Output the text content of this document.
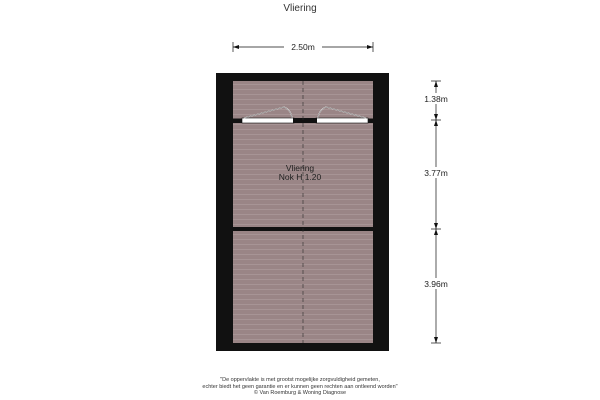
Vliering
Vliering
Nok H 1.20
2.50m
1.38m
3.77m
3.96m
"De oppervlakte is met grootst mogelijke zorgvuldigheid gemeten,
echter biedt het geen garantie en er kunnen geen rechten aan ontleend worden"
© Van Roemburg & Woning Diagnose
